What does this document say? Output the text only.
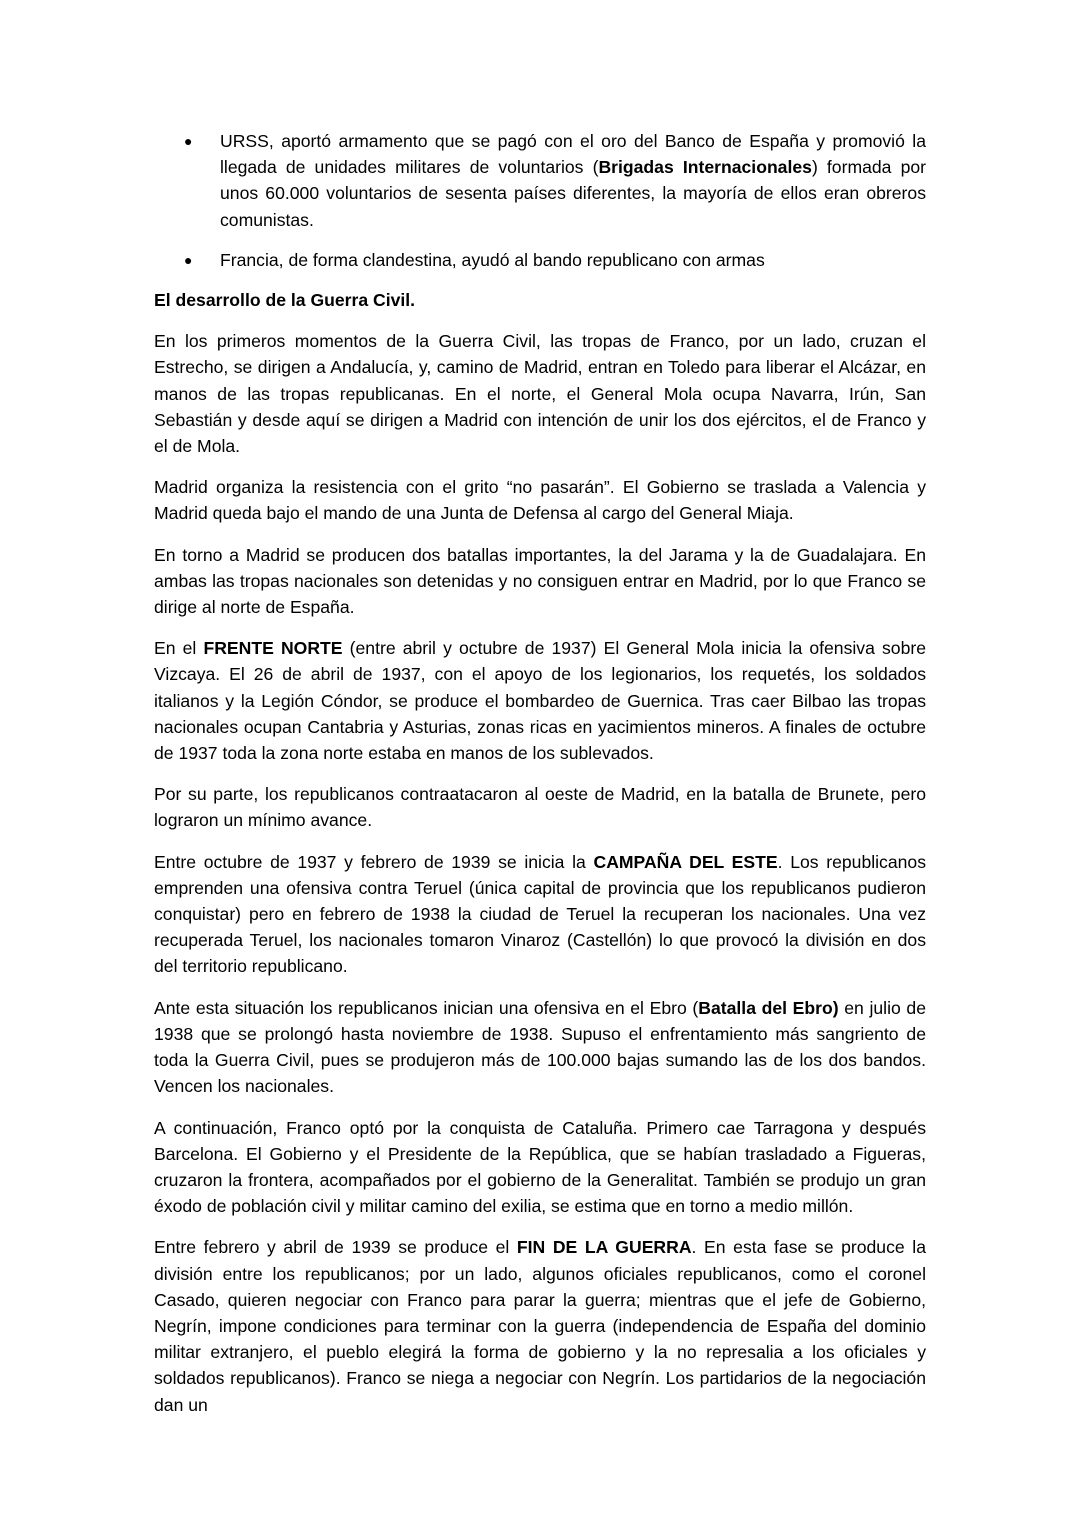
● URSS, aportó armamento que se pagó con el oro del Banco de España y promovió la llegada de unidades militares de voluntarios (Brigadas Internacionales) formada por unos 60.000 voluntarios de sesenta países diferentes, la mayoría de ellos eran obreros comunistas.
● Francia, de forma clandestina, ayudó al bando republicano con armas
El desarrollo de la Guerra Civil.

En los primeros momentos de la Guerra Civil, las tropas de Franco, por un lado, cruzan el Estrecho, se dirigen a Andalucía, y, camino de Madrid, entran en Toledo para liberar el Alcázar, en manos de las tropas republicanas. En el norte, el General Mola ocupa Navarra, Irún, San Sebastián y desde aquí se dirigen a Madrid con intención de unir los dos ejércitos, el de Franco y el de Mola.

Madrid organiza la resistencia con el grito “no pasarán”. El Gobierno se traslada a Valencia y Madrid queda bajo el mando de una Junta de Defensa al cargo del General Miaja.

En torno a Madrid se producen dos batallas importantes, la del Jarama y la de Guadalajara. En ambas las tropas nacionales son detenidas y no consiguen entrar en Madrid, por lo que Franco se dirige al norte de España.

En el FRENTE NORTE (entre abril y octubre de 1937) El General Mola inicia la ofensiva sobre Vizcaya. El 26 de abril de 1937, con el apoyo de los legionarios, los requetés, los soldados italianos y la Legión Cóndor, se produce el bombardeo de Guernica. Tras caer Bilbao las tropas nacionales ocupan Cantabria y Asturias, zonas ricas en yacimientos mineros. A finales de octubre de 1937 toda la zona norte estaba en manos de los sublevados.

Por su parte, los republicanos contraatacaron al oeste de Madrid, en la batalla de Brunete, pero lograron un mínimo avance.

Entre octubre de 1937 y febrero de 1939 se inicia la CAMPAÑA DEL ESTE. Los republicanos emprenden una ofensiva contra Teruel (única capital de provincia que los republicanos pudieron conquistar) pero en febrero de 1938 la ciudad de Teruel la recuperan los nacionales. Una vez recuperada Teruel, los nacionales tomaron Vinaroz (Castellón) lo que provocó la división en dos del territorio republicano.

Ante esta situación los republicanos inician una ofensiva en el Ebro (Batalla del Ebro) en julio de 1938 que se prolongó hasta noviembre de 1938. Supuso el enfrentamiento más sangriento de toda la Guerra Civil, pues se produjeron más de 100.000 bajas sumando las de los dos bandos. Vencen los nacionales.

A continuación, Franco optó por la conquista de Cataluña. Primero cae Tarragona y después Barcelona. El Gobierno y el Presidente de la República, que se habían trasladado a Figueras, cruzaron la frontera, acompañados por el gobierno de la Generalitat. También se produjo un gran éxodo de población civil y militar camino del exilia, se estima que en torno a medio millón.

Entre febrero y abril de 1939 se produce el FIN DE LA GUERRA. En esta fase se produce la división entre los republicanos; por un lado, algunos oficiales republicanos, como el coronel Casado, quieren negociar con Franco para parar la guerra; mientras que el jefe de Gobierno, Negrín, impone condiciones para terminar con la guerra (independencia de España del dominio militar extranjero, el pueblo elegirá la forma de gobierno y la no represalia a los oficiales y soldados republicanos). Franco se niega a negociar con Negrín. Los partidarios de la negociación dan un
